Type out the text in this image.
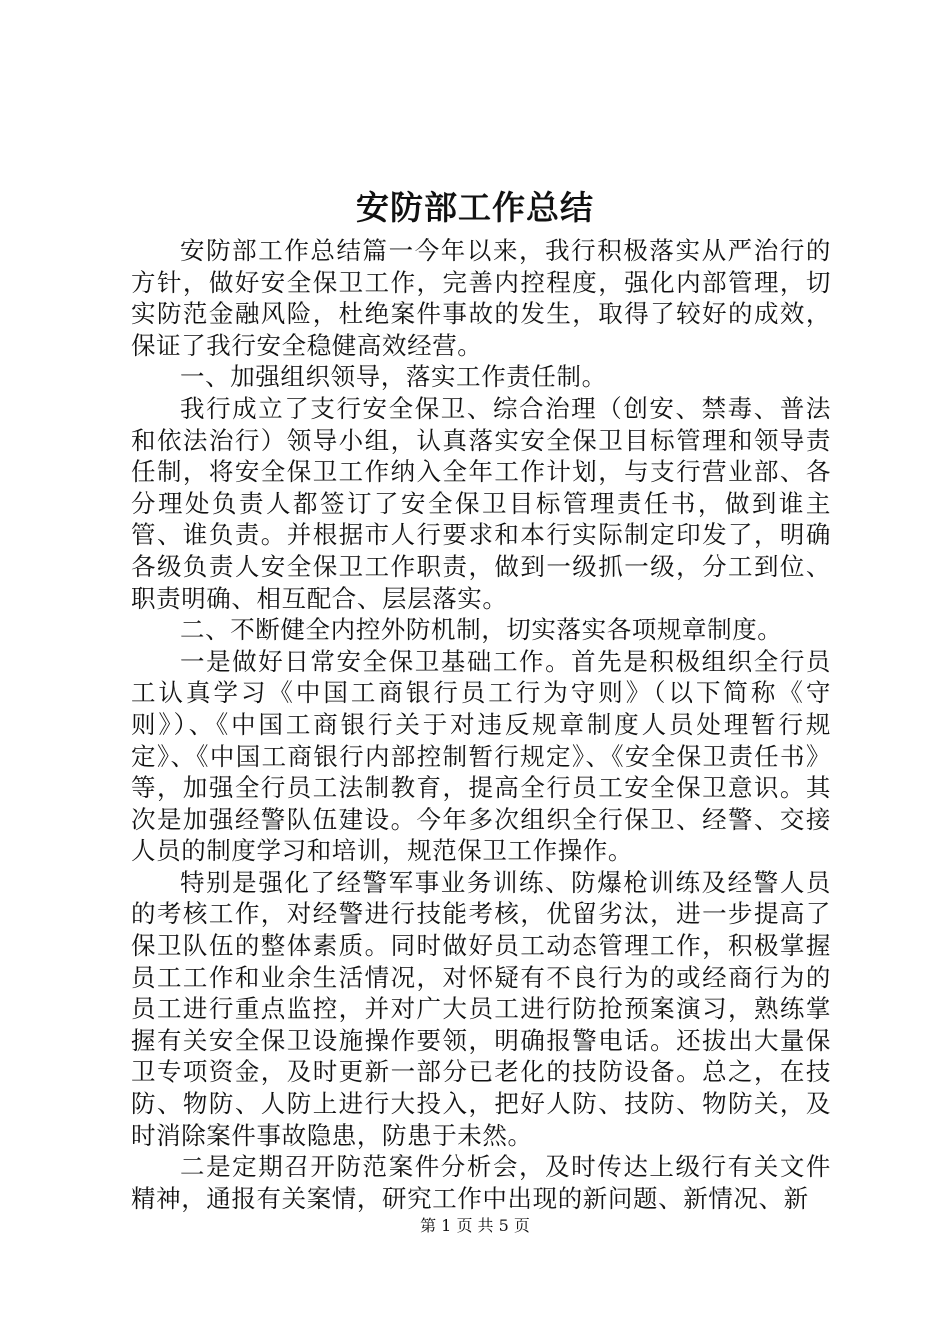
安防部工作总结

安防部工作总结篇一今年以来，我行积极落实从严治行的方针，做好安全保卫工作，完善内控程度，强化内部管理，切实防范金融风险，杜绝案件事故的发生，取得了较好的成效，保证了我行安全稳健高效经营。

一、加强组织领导，落实工作责任制。

我行成立了支行安全保卫、综合治理（创安、禁毒、普法和依法治行）领导小组，认真落实安全保卫目标管理和领导责任制，将安全保卫工作纳入全年工作计划，与支行营业部、各分理处负责人都签订了安全保卫目标管理责任书，做到谁主管、谁负责。并根据市人行要求和本行实际制定印发了，明确各级负责人安全保卫工作职责，做到一级抓一级，分工到位、职责明确、相互配合、层层落实。

二、不断健全内控外防机制，切实落实各项规章制度。

一是做好日常安全保卫基础工作。首先是积极组织全行员工认真学习《中国工商银行员工行为守则》（以下简称《守则》）、《中国工商银行关于对违反规章制度人员处理暂行规定》、《中国工商银行内部控制暂行规定》、《安全保卫责任书》等，加强全行员工法制教育，提高全行员工安全保卫意识。其次是加强经警队伍建设。今年多次组织全行保卫、经警、交接人员的制度学习和培训，规范保卫工作操作。

特别是强化了经警军事业务训练、防爆枪训练及经警人员的考核工作，对经警进行技能考核，优留劣汰，进一步提高了保卫队伍的整体素质。同时做好员工动态管理工作，积极掌握员工工作和业余生活情况，对怀疑有不良行为的或经商行为的员工进行重点监控，并对广大员工进行防抢预案演习，熟练掌握有关安全保卫设施操作要领，明确报警电话。还拔出大量保卫专项资金，及时更新一部分已老化的技防设备。总之，在技防、物防、人防上进行大投入，把好人防、技防、物防关，及时消除案件事故隐患，防患于未然。

二是定期召开防范案件分析会，及时传达上级行有关文件精神，通报有关案情，研究工作中出现的新问题、新情况、新

第 1 页 共 5 页
